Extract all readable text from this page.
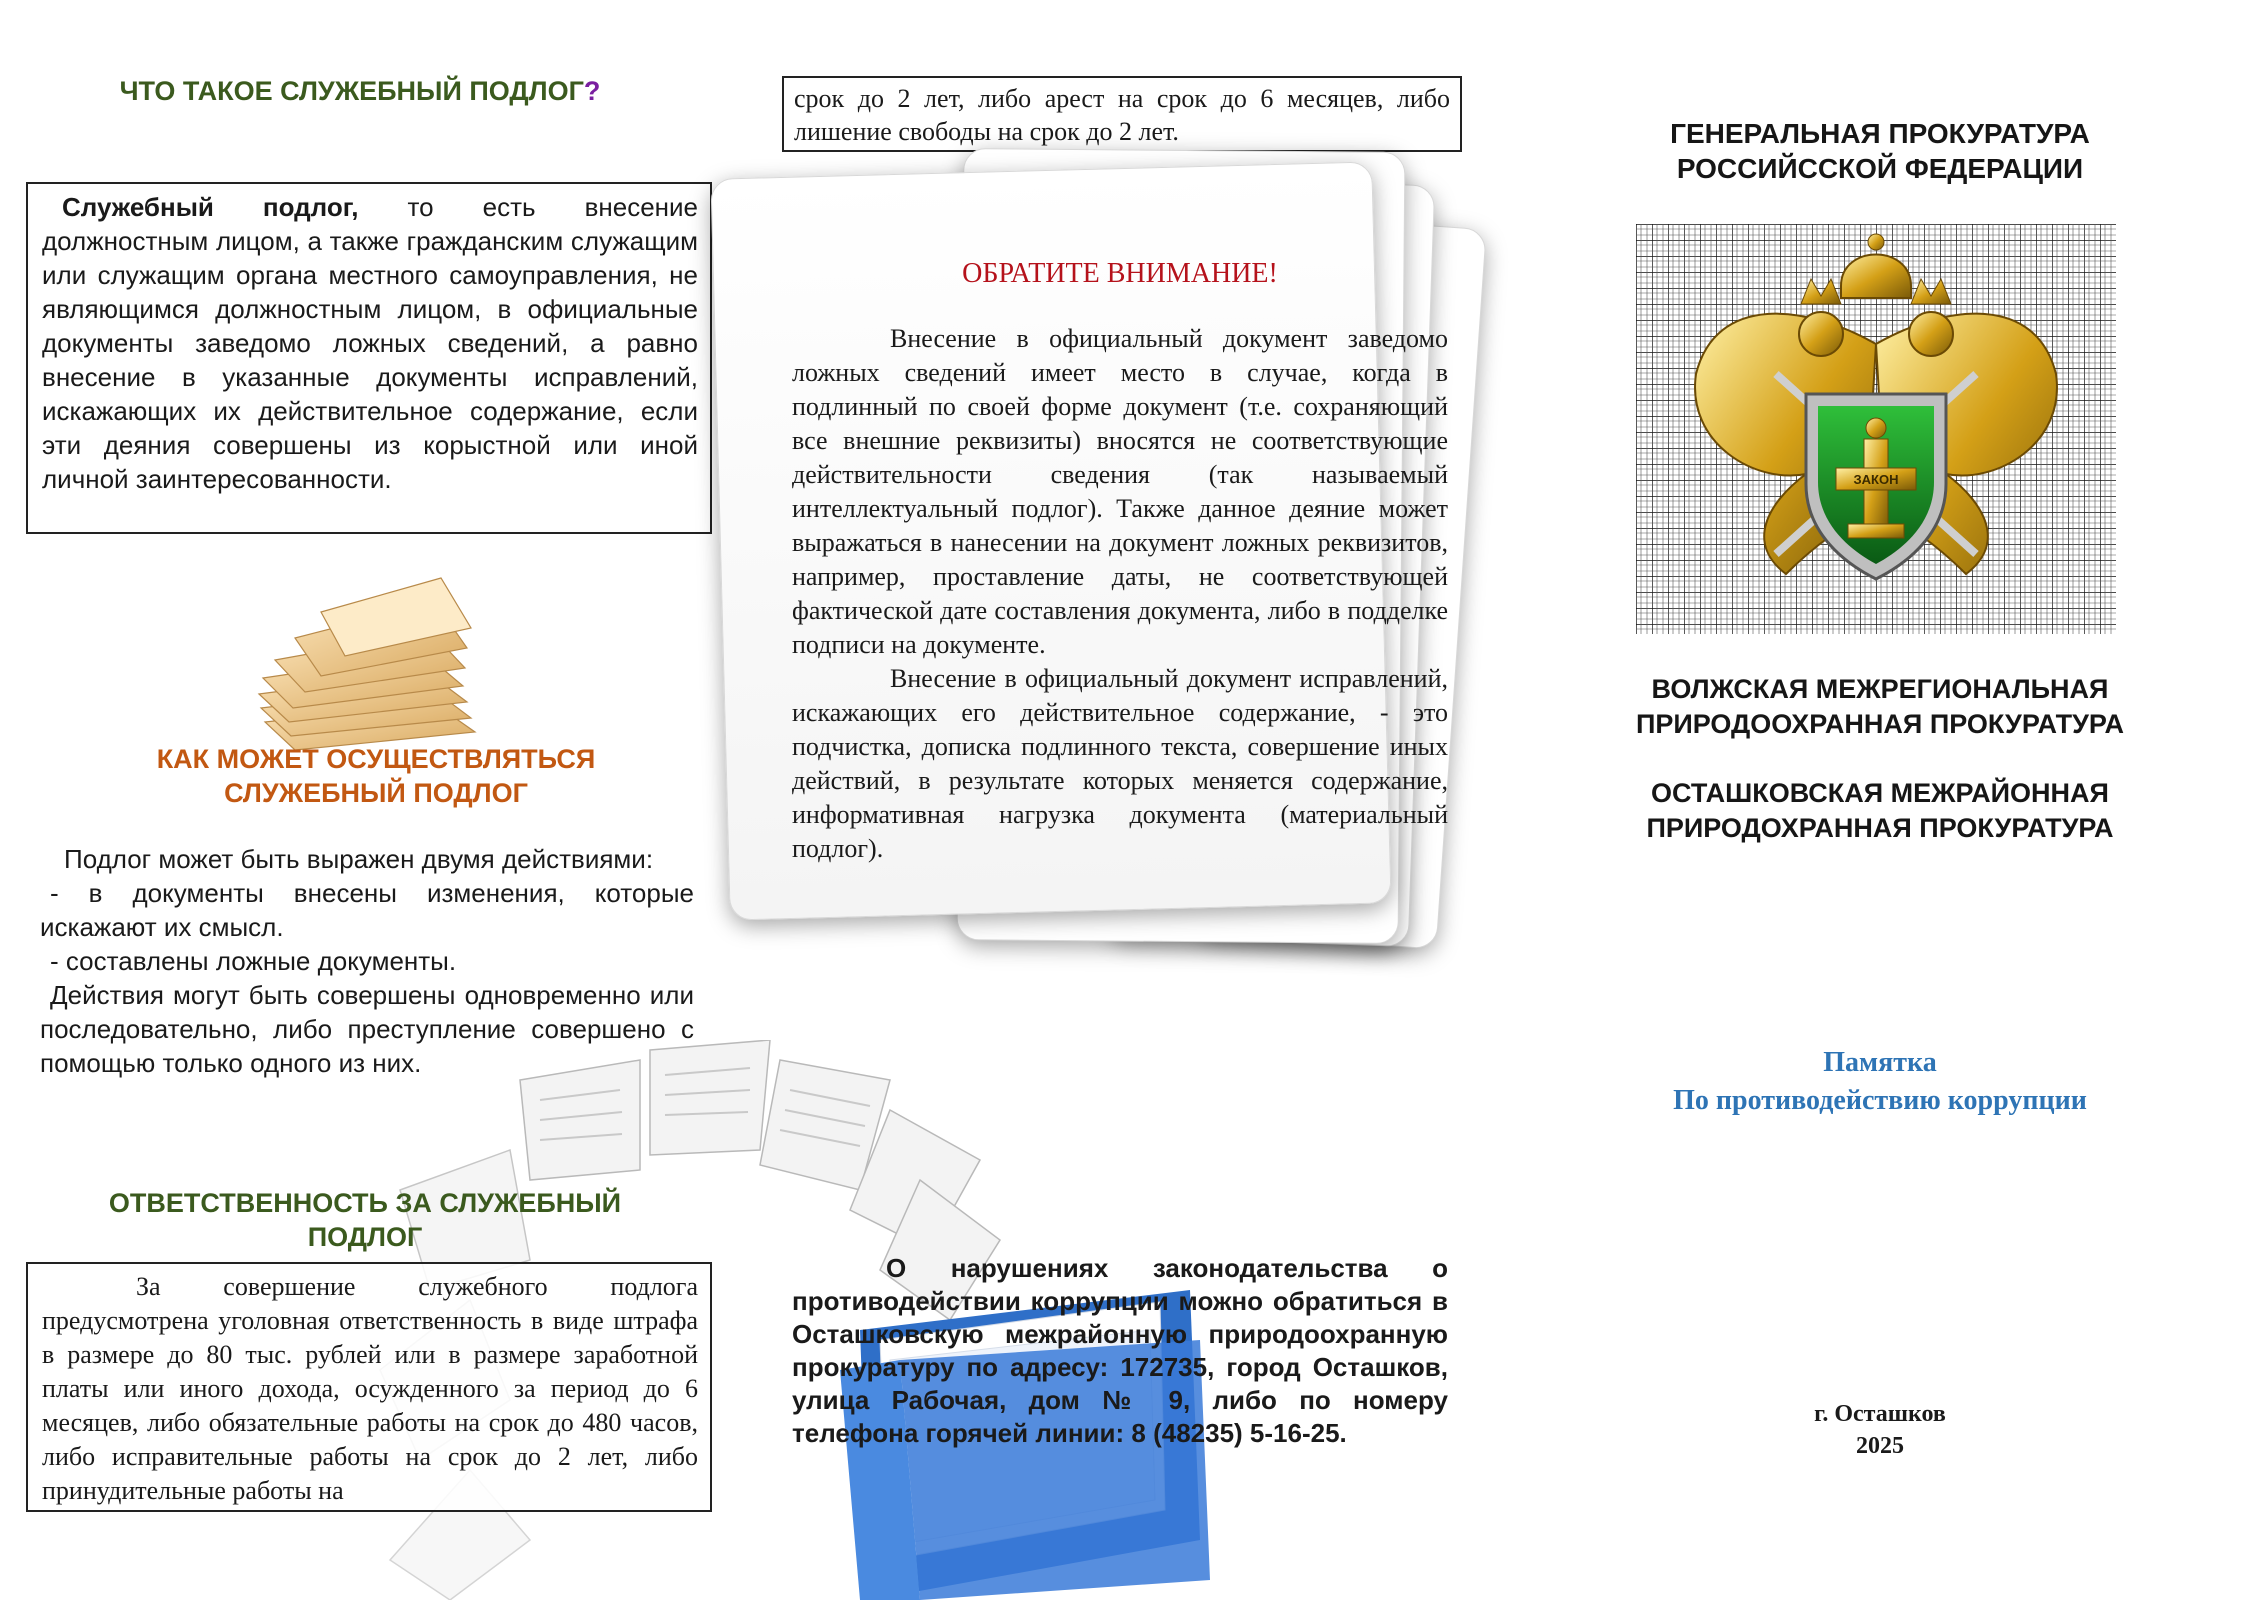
ЧТО ТАКОЕ СЛУЖЕБНЫЙ ПОДЛОГ?

Служебный подлог, то есть внесение должностным лицом, а также гражданским служащим или служащим органа местного самоуправления, не являющимся должностным лицом, в официальные документы заведомо ложных сведений, а равно внесение в указанные документы исправлений, искажающих их действительное содержание, если эти деяния совершены из корыстной или иной личной заинтересованности.

КАК МОЖЕТ ОСУЩЕСТВЛЯТЬСЯ
СЛУЖЕБНЫЙ ПОДЛОГ
Подлог может быть выражен двумя действиями:
- в документы внесены изменения, которые искажают их смысл.
- составлены ложные документы.
Действия могут быть совершены одновременно или последовательно, либо преступление совершено с помощью только одного из них.
ОТВЕТСТВЕННОСТЬ ЗА СЛУЖЕБНЫЙ
ПОДЛОГ

За совершение служебного подлога предусмотрена уголовная ответственность в виде штрафа в размере до 80 тыс. рублей или в размере заработной платы или иного дохода, осужденного за период до 6 месяцев, либо обязательные работы на срок до 480 часов, либо исправительные работы на срок до 2 лет, либо принудительные работы на

срок до 2 лет, либо арест на срок до 6 месяцев, либо лишение свободы на срок до 2 лет.

ОБРАТИТЕ ВНИМАНИЕ!
Внесение в официальный документ заведомо ложных сведений имеет место в случае, когда в подлинный по своей форме документ (т.е. сохраняющий все внешние реквизиты) вносятся не соответствующие действительности сведения (так называемый интеллектуальный подлог). Также данное деяние может выражаться в нанесении на документ ложных реквизитов, например, проставление даты, не соответствующей фактической дате составления документа, либо в подделке подписи на документе.
Внесение в официальный документ исправлений, искажающих его действительное содержание, - это подчистка, дописка подлинного текста, совершение иных действий, в результате которых меняется содержание, информативная нагрузка документа (материальный подлог).
О нарушениях законодательства о противодействии коррупции можно обратиться в Осташковскую межрайонную природоохранную прокуратуру по адресу: 172735, город Осташков, улица Рабочая, дом № 9, либо по номеру телефона горячей линии: 8 (48235) 5-16-25.
ГЕНЕРАЛЬНАЯ ПРОКУРАТУРА
РОССИЙССКОЙ ФЕДЕРАЦИИ
ЗАКОН
ВОЛЖСКАЯ МЕЖРЕГИОНАЛЬНАЯ
ПРИРОДООХРАННАЯ ПРОКУРАТУРА
ОСТАШКОВСКАЯ МЕЖРАЙОННАЯ
ПРИРОДОХРАННАЯ ПРОКУРАТУРА
Памятка
По противодействию коррупции
г. Осташков
2025
